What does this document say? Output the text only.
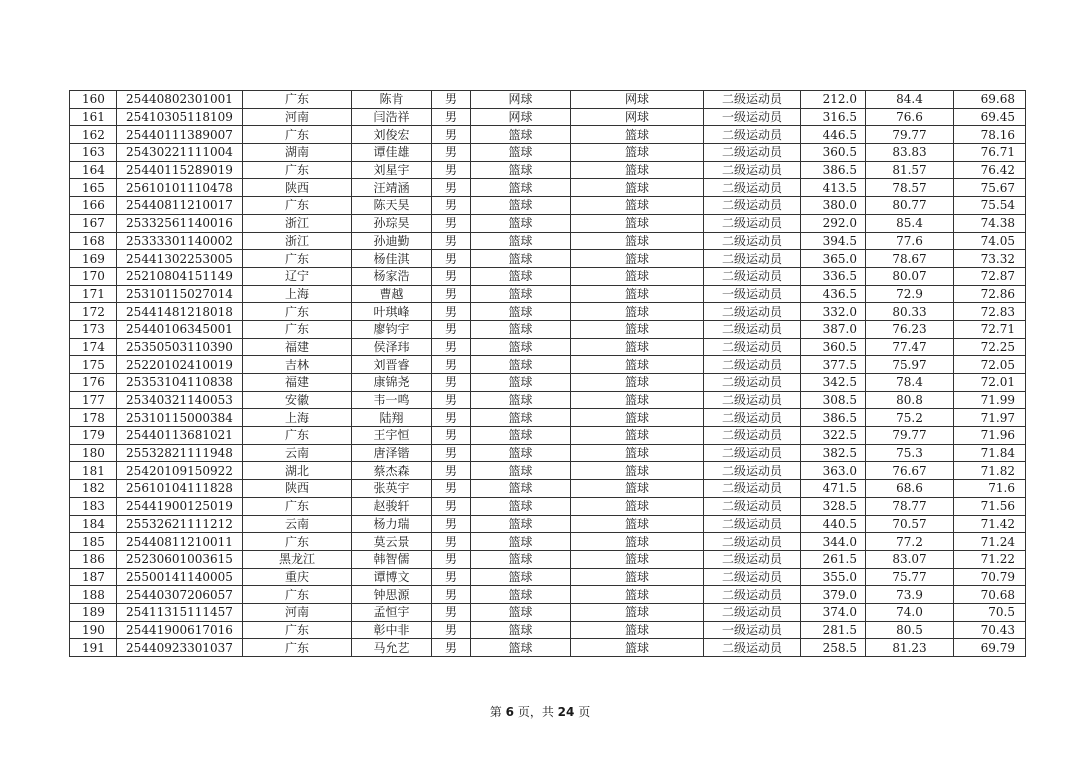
160	25440802301001	广东	陈肯	男	网球	网球	二级运动员	212.0	84.4	69.68
161	25410305118109	河南	闫浩祥	男	网球	网球	一级运动员	316.5	76.6	69.45
162	25440111389007	广东	刘俊宏	男	篮球	篮球	二级运动员	446.5	79.77	78.16
163	25430221111004	湖南	谭佳雄	男	篮球	篮球	二级运动员	360.5	83.83	76.71
164	25440115289019	广东	刘星宇	男	篮球	篮球	二级运动员	386.5	81.57	76.42
165	25610101110478	陕西	汪靖涵	男	篮球	篮球	二级运动员	413.5	78.57	75.67
166	25440811210017	广东	陈天昊	男	篮球	篮球	二级运动员	380.0	80.77	75.54
167	25332561140016	浙江	孙琮昊	男	篮球	篮球	二级运动员	292.0	85.4	74.38
168	25333301140002	浙江	孙迪勤	男	篮球	篮球	二级运动员	394.5	77.6	74.05
169	25441302253005	广东	杨佳淇	男	篮球	篮球	二级运动员	365.0	78.67	73.32
170	25210804151149	辽宁	杨家浩	男	篮球	篮球	二级运动员	336.5	80.07	72.87
171	25310115027014	上海	曹越	男	篮球	篮球	一级运动员	436.5	72.9	72.86
172	25441481218018	广东	叶琪峰	男	篮球	篮球	二级运动员	332.0	80.33	72.83
173	25440106345001	广东	廖钧宇	男	篮球	篮球	二级运动员	387.0	76.23	72.71
174	25350503110390	福建	侯泽玮	男	篮球	篮球	二级运动员	360.5	77.47	72.25
175	25220102410019	吉林	刘晋睿	男	篮球	篮球	二级运动员	377.5	75.97	72.05
176	25353104110838	福建	康锦尧	男	篮球	篮球	二级运动员	342.5	78.4	72.01
177	25340321140053	安徽	韦一鸣	男	篮球	篮球	二级运动员	308.5	80.8	71.99
178	25310115000384	上海	陆翔	男	篮球	篮球	二级运动员	386.5	75.2	71.97
179	25440113681021	广东	王宇恒	男	篮球	篮球	二级运动员	322.5	79.77	71.96
180	25532821111948	云南	唐泽锴	男	篮球	篮球	二级运动员	382.5	75.3	71.84
181	25420109150922	湖北	蔡杰森	男	篮球	篮球	二级运动员	363.0	76.67	71.82
182	25610104111828	陕西	张英宇	男	篮球	篮球	二级运动员	471.5	68.6	71.6
183	25441900125019	广东	赵骏轩	男	篮球	篮球	二级运动员	328.5	78.77	71.56
184	25532621111212	云南	杨力瑞	男	篮球	篮球	二级运动员	440.5	70.57	71.42
185	25440811210011	广东	莫云景	男	篮球	篮球	二级运动员	344.0	77.2	71.24
186	25230601003615	黑龙江	韩智儒	男	篮球	篮球	二级运动员	261.5	83.07	71.22
187	25500141140005	重庆	谭博文	男	篮球	篮球	二级运动员	355.0	75.77	70.79
188	25440307206057	广东	钟思源	男	篮球	篮球	二级运动员	379.0	73.9	70.68
189	25411315111457	河南	孟恒宇	男	篮球	篮球	二级运动员	374.0	74.0	70.5
190	25441900617016	广东	彰中非	男	篮球	篮球	一级运动员	281.5	80.5	70.43
191	25440923301037	广东	马允艺	男	篮球	篮球	二级运动员	258.5	81.23	69.79
第 6 页，共 24 页
